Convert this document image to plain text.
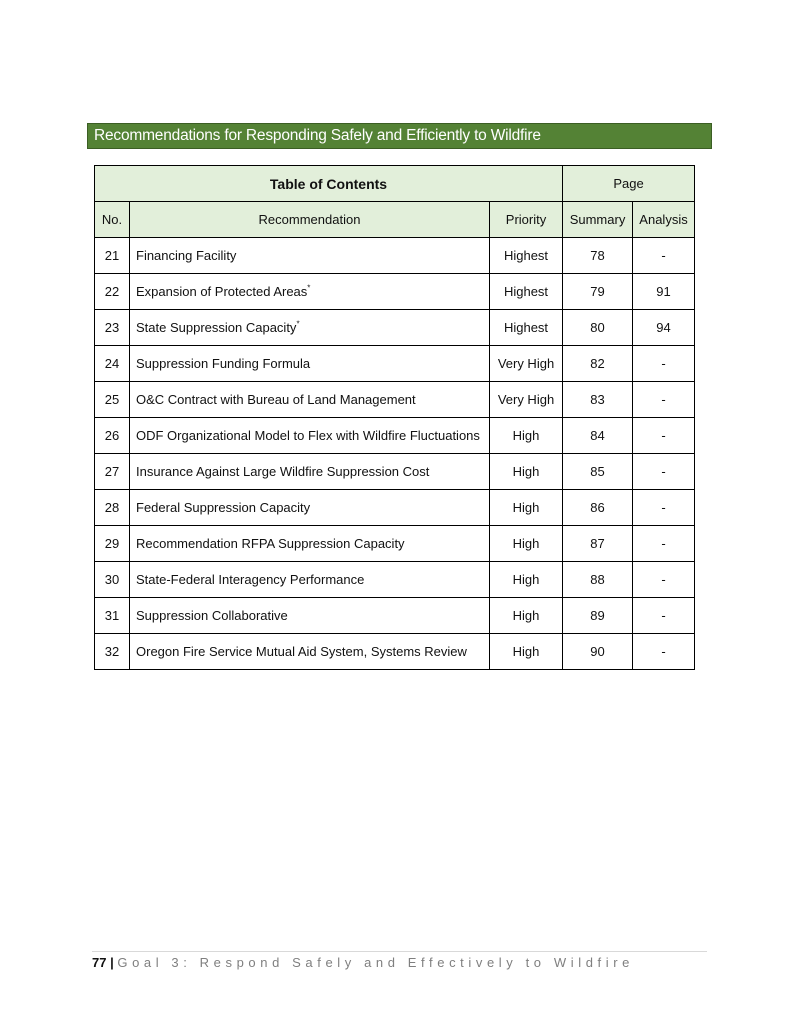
Recommendations for Responding Safely and Efficiently to Wildfire
Table of Contents			Page	
No.	Recommendation	Priority	Summary	Analysis
21	Financing Facility	Highest	78	-
22	Expansion of Protected Areas*	Highest	79	91
23	State Suppression Capacity*	Highest	80	94
24	Suppression Funding Formula	Very High	82	-
25	O&C Contract with Bureau of Land Management	Very High	83	-
26	ODF Organizational Model to Flex with Wildfire Fluctuations	High	84	-
27	Insurance Against Large Wildfire Suppression Cost	High	85	-
28	Federal Suppression Capacity	High	86	-
29	Recommendation RFPA Suppression Capacity	High	87	-
30	State-Federal Interagency Performance	High	88	-
31	Suppression Collaborative	High	89	-
32	Oregon Fire Service Mutual Aid System, Systems Review	High	90	-
77 | Goal 3: Respond Safely and Effectively to Wildfire
